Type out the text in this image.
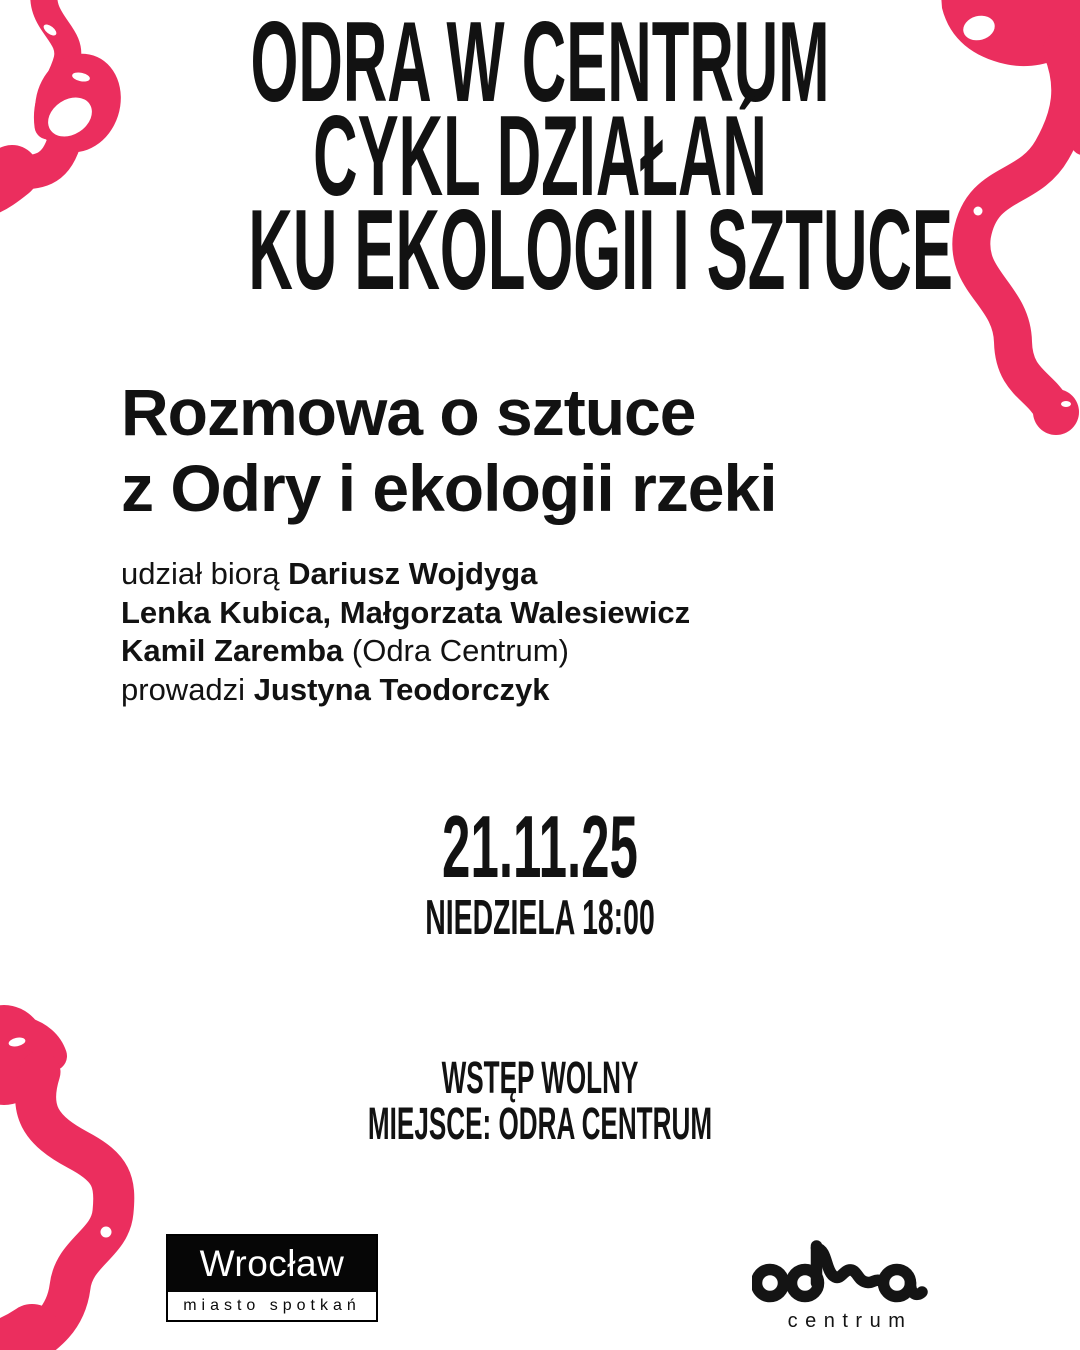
ODRA W CENTRUM
CYKL DZIAŁAŃ
KU EKOLOGII I SZTUCE
Rozmowa o sztuce
z Odry i ekologii rzeki
udział biorą Dariusz Wojdyga
Lenka Kubica, Małgorzata Walesiewicz
Kamil Zaremba (Odra Centrum)
prowadzi Justyna Teodorczyk
21.11.25
NIEDZIELA 18:00
WSTĘP WOLNY
MIEJSCE: ODRA CENTRUM
Wrocław
miasto spotkań
centrum
